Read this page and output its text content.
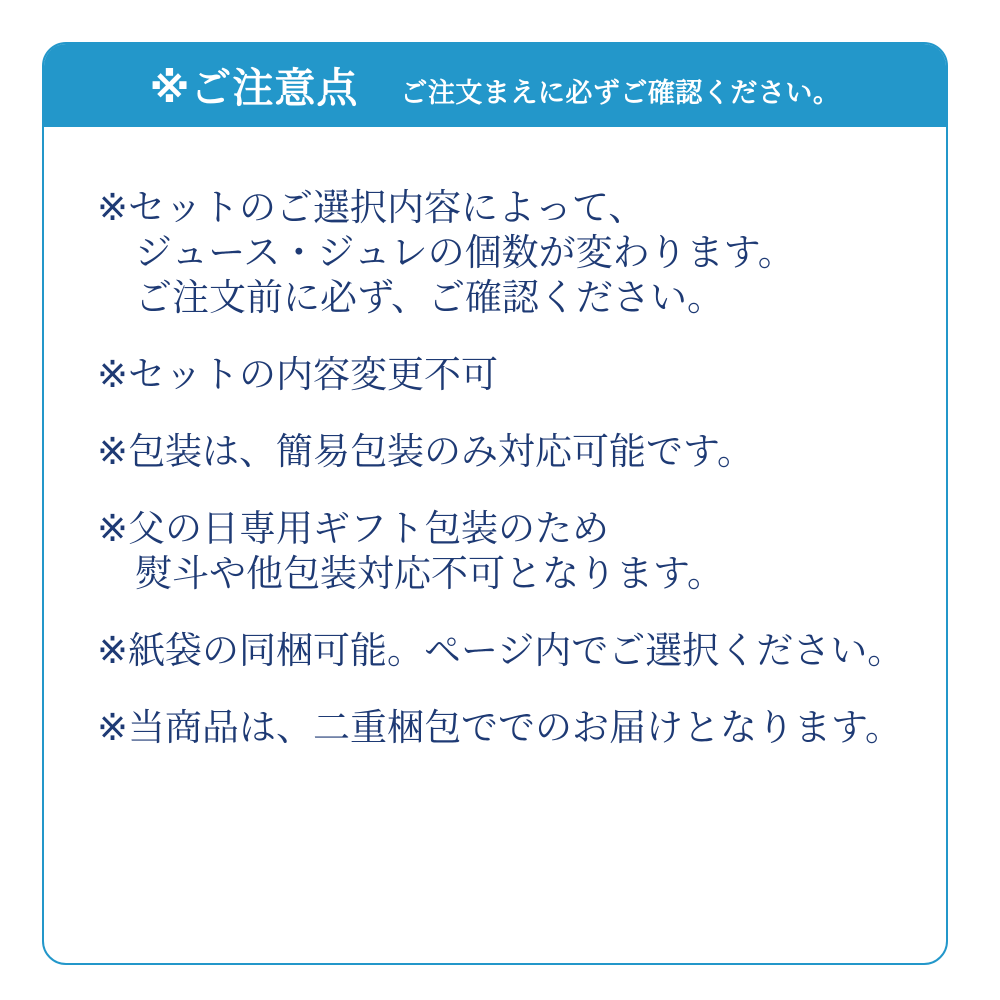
※ご注意点 ご注文まえに必ずご確認ください。

※セットのご選択内容によって、
ジュース・ジュレの個数が変わります。
ご注文前に必ず、ご確認ください。

※セットの内容変更不可

※包装は、簡易包装のみ対応可能です。

※父の日専用ギフト包装のため
熨斗や他包装対応不可となります。

※紙袋の同梱可能。ページ内でご選択ください。

※当商品は、二重梱包ででのお届けとなります。
